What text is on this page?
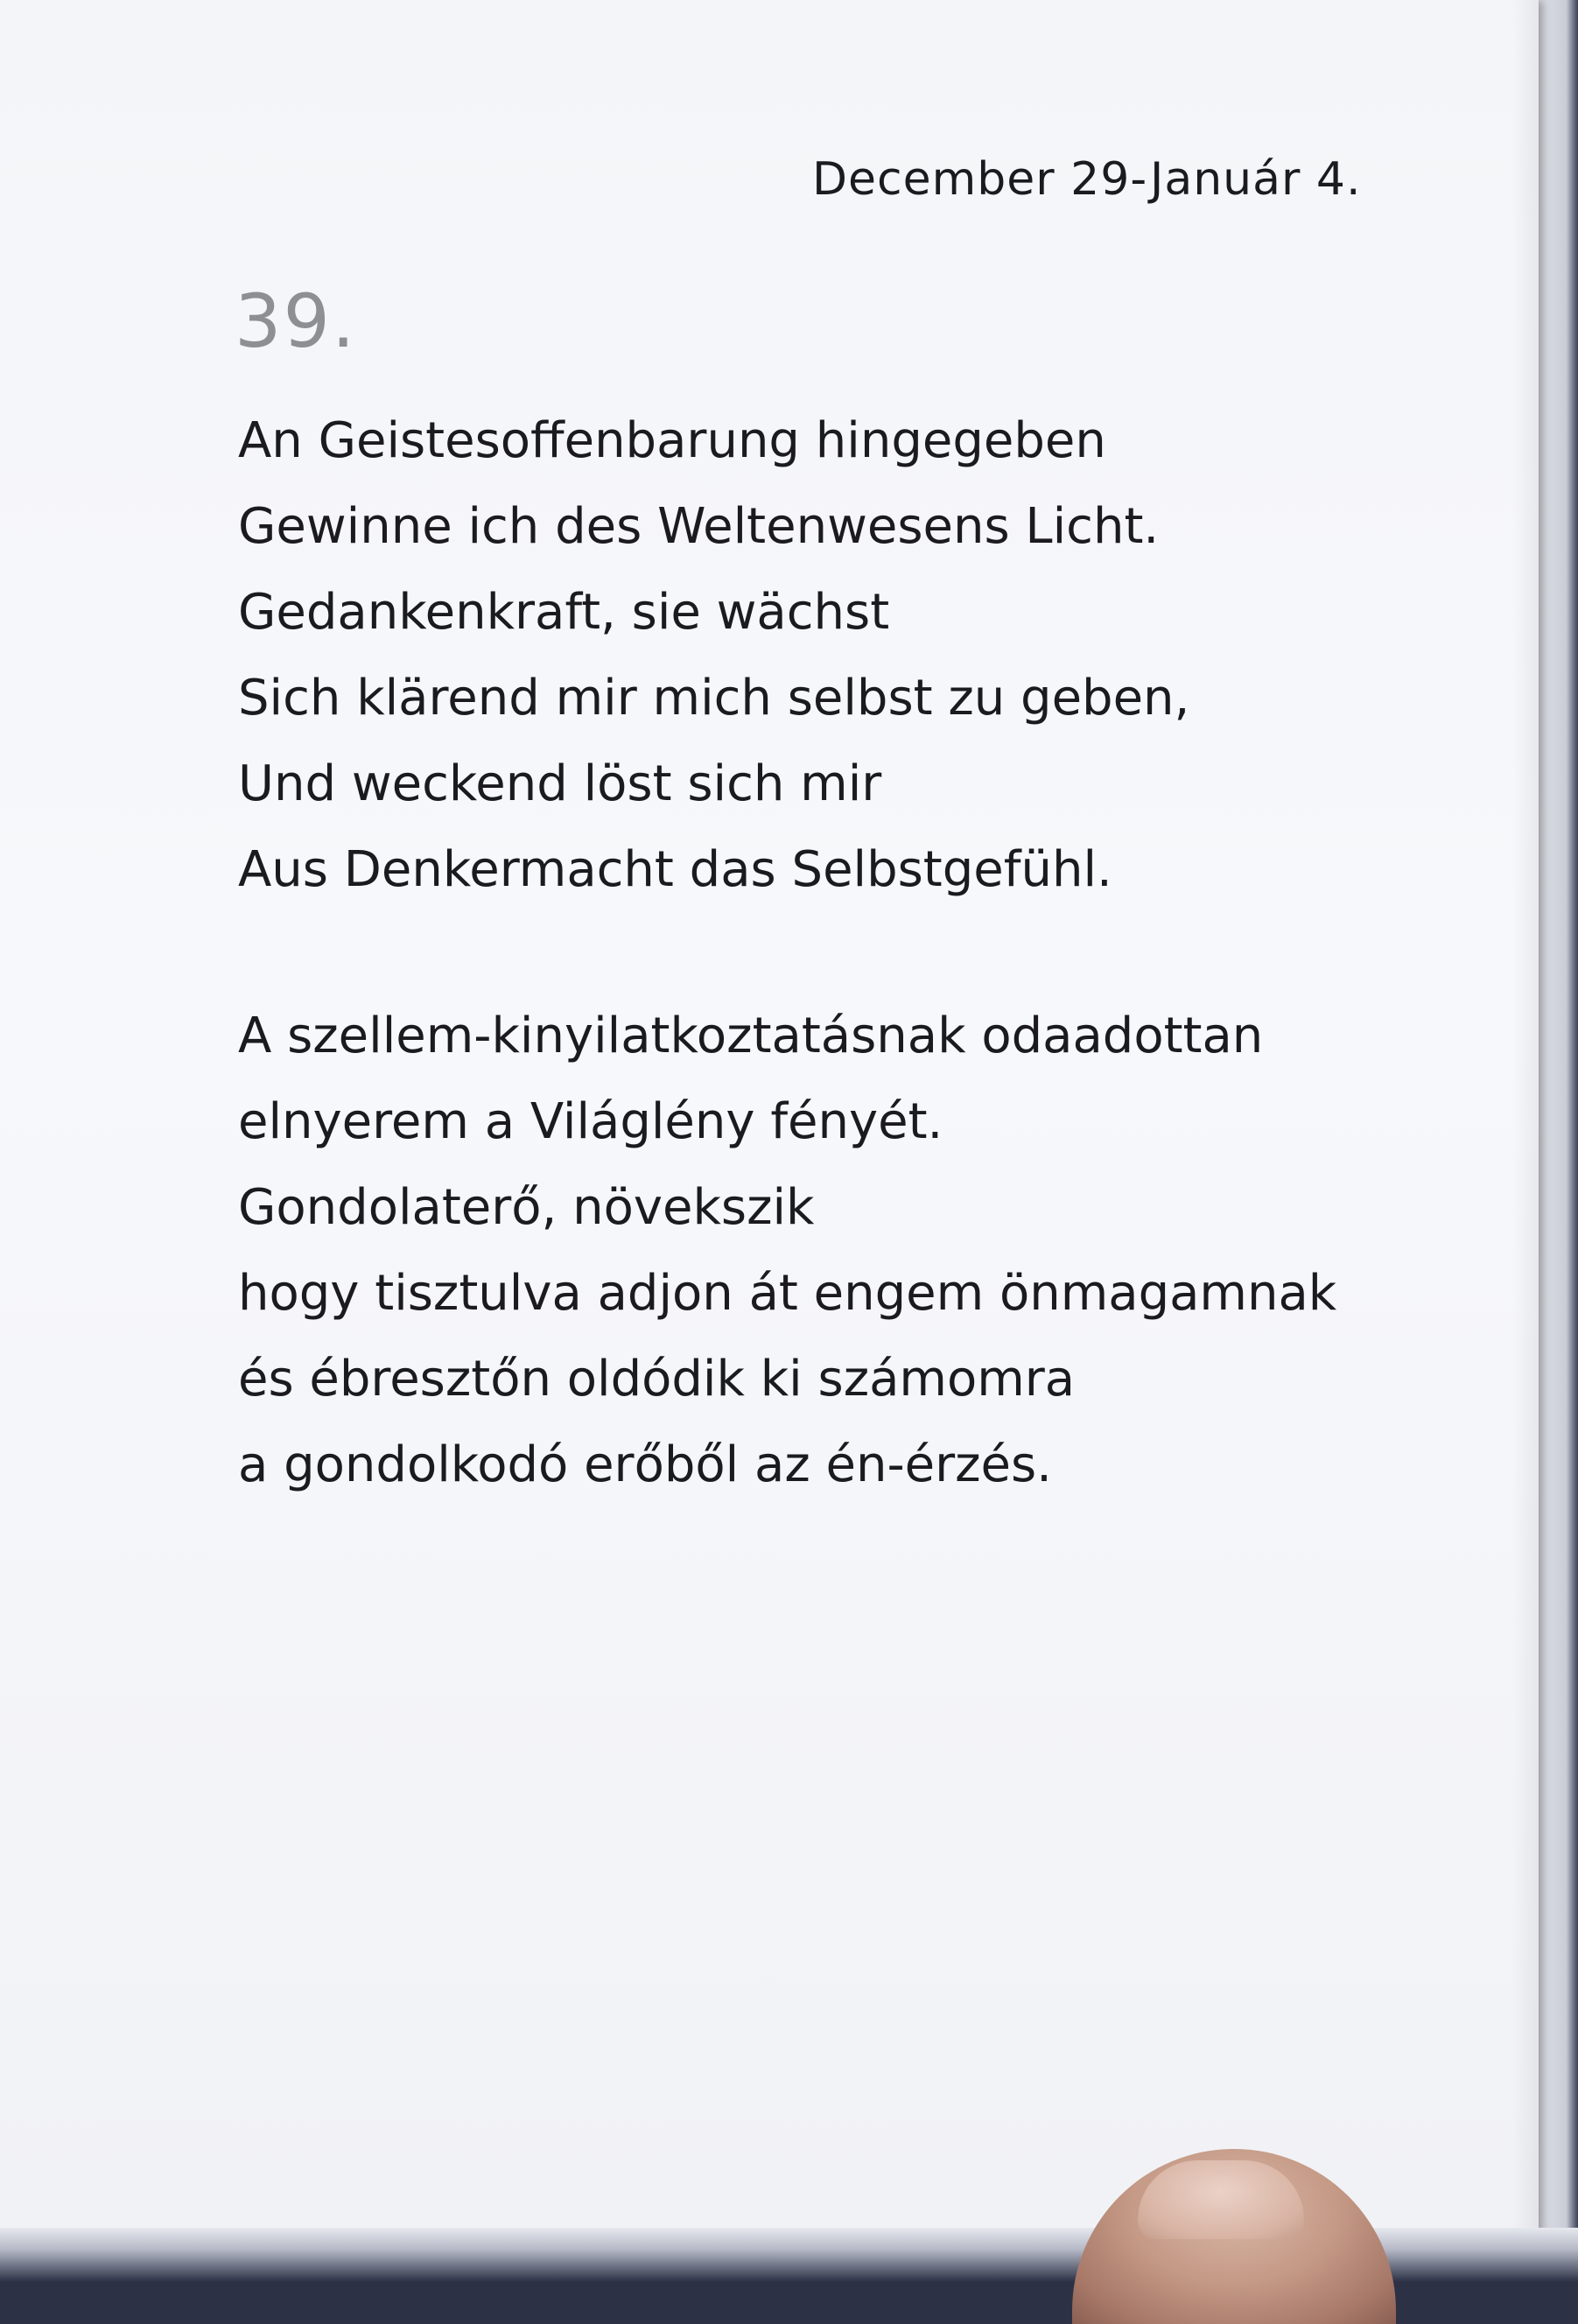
December 29-Január 4.
39.
An Geistesoffenbarung hingegeben
Gewinne ich des Weltenwesens Licht.
Gedankenkraft, sie wächst
Sich klärend mir mich selbst zu geben,
Und weckend löst sich mir
Aus Denkermacht das Selbstgefühl.
A szellem-kinyilatkoztatásnak odaadottan
elnyerem a Világlény fényét.
Gondolaterő, növekszik
hogy tisztulva adjon át engem önmagamnak
és ébresztőn oldódik ki számomra
a gondolkodó erőből az én-érzés.
